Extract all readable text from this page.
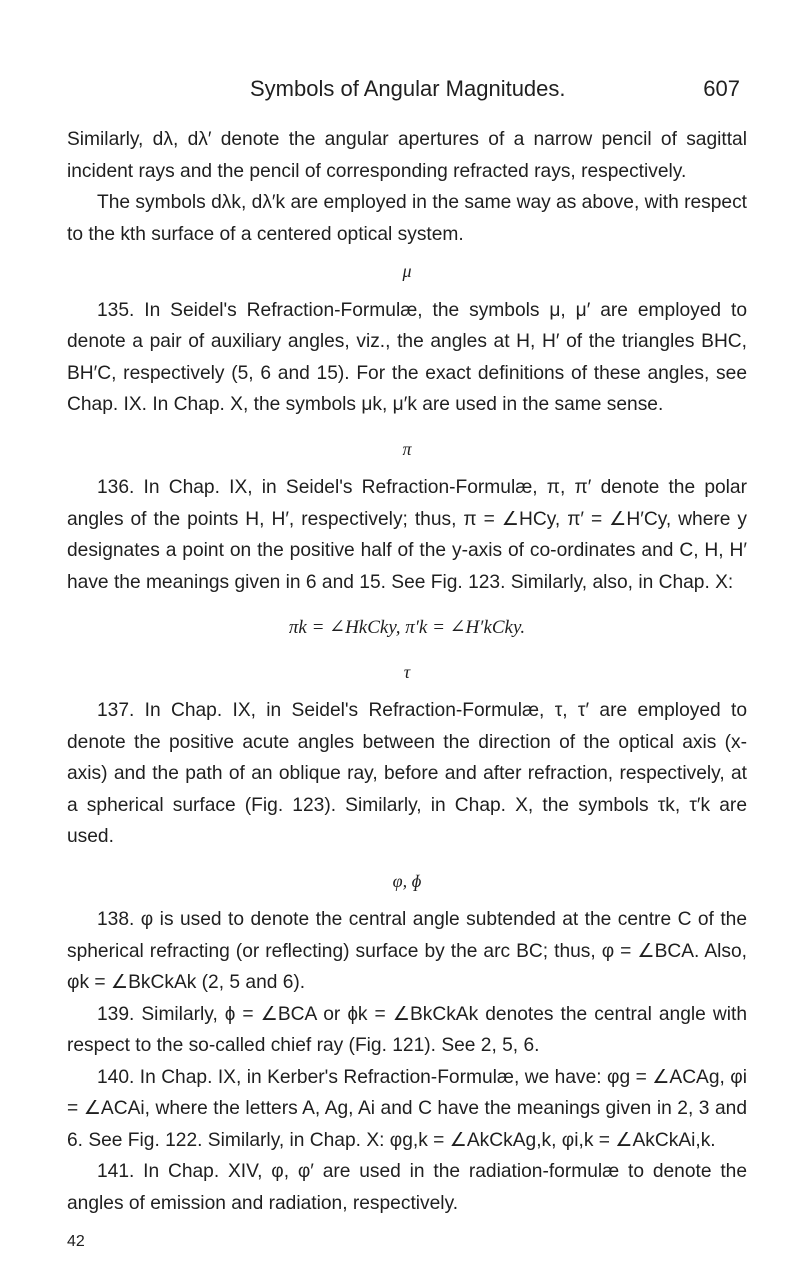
Symbols of Angular Magnitudes.	607

Similarly, dλ, dλ′ denote the angular apertures of a narrow pencil of sagittal incident rays and the pencil of corresponding refracted rays, respectively.

The symbols dλk, dλ′k are employed in the same way as above, with respect to the kth surface of a centered optical system.

μ

135. In Seidel's Refraction-Formulæ, the symbols μ, μ′ are employed to denote a pair of auxiliary angles, viz., the angles at H, H′ of the triangles BHC, BH′C, respectively (5, 6 and 15). For the exact definitions of these angles, see Chap. IX. In Chap. X, the symbols μk, μ′k are used in the same sense.

π

136. In Chap. IX, in Seidel's Refraction-Formulæ, π, π′ denote the polar angles of the points H, H′, respectively; thus, π = ∠HCy, π′ = ∠H′Cy, where y designates a point on the positive half of the y-axis of co-ordinates and C, H, H′ have the meanings given in 6 and 15. See Fig. 123. Similarly, also, in Chap. X:

πk = ∠HkCky, π′k = ∠H′kCky.
τ

137. In Chap. IX, in Seidel's Refraction-Formulæ, τ, τ′ are employed to denote the positive acute angles between the direction of the optical axis (x-axis) and the path of an oblique ray, before and after refraction, respectively, at a spherical surface (Fig. 123). Similarly, in Chap. X, the symbols τk, τ′k are used.

φ, ɸ

138. φ is used to denote the central angle subtended at the centre C of the spherical refracting (or reflecting) surface by the arc BC; thus, φ = ∠BCA. Also, φk = ∠BkCkAk (2, 5 and 6).

139. Similarly, ɸ = ∠BCA or ɸk = ∠BkCkAk denotes the central angle with respect to the so-called chief ray (Fig. 121). See 2, 5, 6.

140. In Chap. IX, in Kerber's Refraction-Formulæ, we have: φg = ∠ACAg, φi = ∠ACAi, where the letters A, Ag, Ai and C have the meanings given in 2, 3 and 6. See Fig. 122. Similarly, in Chap. X: φg,k = ∠AkCkAg,k, φi,k = ∠AkCkAi,k.

141. In Chap. XIV, φ, φ′ are used in the radiation-formulæ to denote the angles of emission and radiation, respectively.

42
